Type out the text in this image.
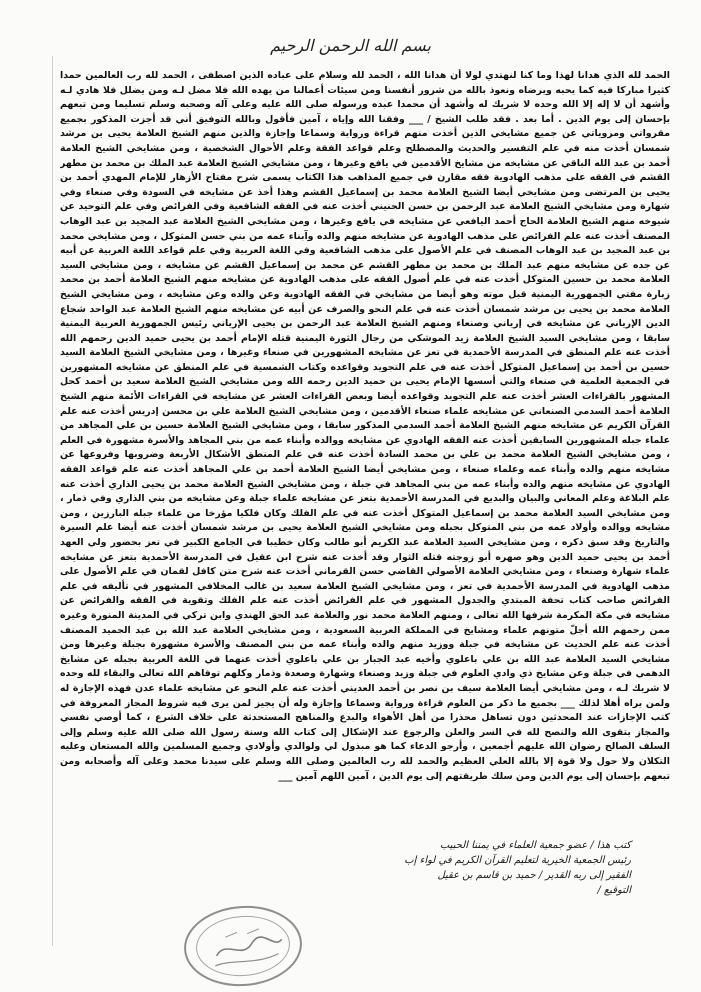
بسم الله الرحمن الرحيم

الحمد لله الذي هدانا لهذا وما كنا لنهتدي لولا أن هدانا الله ، الحمد لله وسلام على عباده الذين اصطفى ، الحمد لله رب العالمين حمدا كثيرا مباركا فيه كما يحبه ويرضاه ونعوذ بالله من شرور أنفسنا ومن سيئات أعمالنا من يهده الله فلا مضل لـه ومن يضلل فلا هادي لـه وأشهد أن لا إله إلا الله وحده لا شريك له وأشهد أن محمدا عبده ورسوله صلى الله عليه وعلى آله وصحبه وسلم تسليما ومن تبعهم بإحسان إلى يوم الدين . أما بعد . فقد طلب الشيخ / ___ وفقنا الله وإياه ، آمين فأقول وبالله التوفيق أني قد أجزت المذكور بجميع مقرواتي ومروياتي عن جميع مشايخي الذين أخذت منهم قراءة ورواية وسماعا وإجازة والذين منهم الشيخ العلامة يحيى بن مرشد شمسان أخذت منه في علم التفسير والحديث والمصطلح وعلم قواعد الفقة وعلم الأحوال الشخصية ، ومن مشايخي الشيخ العلامة أحمد بن عبد الله الباقي عن مشايخه من مشايخ الأقدمين في يافع وغيرها ، ومن مشايخي الشيخ العلامة عبد الملك بن محمد بن مطهر القشم في الفقه على مذهب الهادوية فقه مقارن في جميع المذاهب هذا الكتاب يسمى شرح مفتاح الأزهار للإمام المهدي أحمد بن يحيى بن المرتضى ومن مشايخي أيضا الشيخ العلامة محمد بن إسماعيل القشم وهذا أخذ عن مشايخه في السودة وفي صنعاء وفي شهارة ومن مشايخي الشيخ العلامة عبد الرحمن بن حسن الحنيني أخذت عنه في الفقه الشافعية وفي الفرائض وفي علم التوحيد عن شيوخه منهم الشيخ العلامة الحاج أحمد اليافعي عن مشايخه في يافع وغيرها ، ومن مشايخي الشيخ العلامة عبد المجيد بن عبد الوهاب المصنف أخذت عنه علم الفرائض على مذهب الهادوية عن مشايخه منهم والده وآبناء عمه من بني حسن المتوكل ، ومن مشايخي محمد بن عبد المجيد بن عبد الوهاب المصنف في علم الأصول على مذهب الشافعية وفي اللغة العربية وفي علم قواعد اللغة العربية عن أبيه عن جده عن مشايخه منهم عبد الملك بن محمد بن مطهر القشم عن محمد بن إسماعيل القشم عن مشايخه ، ومن مشايخي السيد العلامة محمد بن حسين المتوكل أخذت عنه في علم أصول الفقه على مذهب الهادوية عن مشايخه منهم الشيخ العلامة أحمد بن محمد زبارة مفتي الجمهورية اليمنية قبل موته وهو أيضا من مشايخي في الفقه الهادوية وعن والده وعن مشايخه ، ومن مشايخي الشيخ العلامة محمد بن يحيى بن مرشد شمسان أخذت عنه في علم النحو والصرف عن أبيه عن مشايخه منهم الشيخ العلامة عبد الواحد شجاع الدين الإرياني عن مشايخه في إرياني وصنعاء ومنهم الشيخ العلامة عبد الرحمن بن يحيى الإرياني رئيس الجمهورية العربية اليمنية سابقا ، ومن مشايخي السيد الشيخ العلامة زيد الموشكي من رجال الثورة اليمنية قتله الإمام أحمد بن يحيى حميد الدين رحمهم الله أخذت عنه علم المنطق في المدرسة الأحمدية في تعز عن مشايخه المشهورين في صنعاء وغيرها ، ومن مشايخي الشيخ العلامة السيد حسين بن أحمد بن إسماعيل المتوكل أخذت عنه في علم التجويد وقواعده وكتاب الشمسية في علم المنطق عن مشايخه المشهورين في الجمعية العلمية في صنعاء والتي أسسها الإمام يحيى بن حميد الدين رحمه الله ومن مشايخي الشيخ العلامة سعيد بن أحمد كحل المشهور بالقراءات العشر أخذت عنه علم التجويد وقواعده أيضا وبعض القراءات العشر عن مشايخه في القراءات الأئمة منهم الشيخ العلامة أحمد السدمي الصنعاني عن مشايخه علماء صنعاء الأقدمين ، ومن مشايخي الشيخ العلامة علي بن محسن إدريس أخذت عنه علم القرآن الكريم عن مشايخه منهم الشيخ العلامة أحمد السدمي المذكور سابقا ، ومن مشايخي الشيخ العلامة حسين بن علي المجاهد من علماء جبله المشهورين السابقين أخذت عنه الفقه الهادوي عن مشايخه ووالده وأبناء عمه من بني المجاهد والأسرة مشهورة في العلم ، ومن مشايخي الشيخ العلامة محمد بن علي بن محمد السادة أخذت عنه في علم المنطق الأشكال الأربعة وضروبها وفروعها عن مشايخه منهم والده وأبناء عمه وعلماء صنعاء ، ومن مشايخي أيضا الشيخ العلامة أحمد بن علي المجاهد أخذت عنه علم قواعد الفقه الهادوي عن مشايخه منهم والده وأبناء عمه من بني المجاهد في جبلة ، ومن مشايخي الشيخ العلامة محمد بن يحيى الذاري أخذت عنه علم البلاغة وعلم المعاني والبيان والبديع في المدرسة الأحمدية بتعز عن مشايخه علماء جبلة وعن مشايخه من بني الذاري وفي ذمار ، ومن مشايخي السيد العلامة محمد بن إسماعيل المتوكل أخذت عنه في علم الفلك وكان فلكيا مؤرخا من علماء جبله البارزين ، ومن مشايخه ووالده وأولاد عمه من بني المتوكل بجبله ومن مشايخي الشيخ العلامة يحيى بن مرشد شمسان أخذت عنه أيضا علم السيرة والتاريخ وقد سبق ذكره ، ومن مشايخي السيد العلامة عبد الكريم أبو طالب وكان خطيبا في الجامع الكبير في تعز بحضور ولي العهد أحمد بن يحيى حميد الدين وهو صهره أبو زوجته قتله الثوار وقد أخذت عنه شرح ابن عقيل في المدرسة الأحمدية بتعز عن مشايخه علماء شهارة وصنعاء ، ومن مشايخي العلامة الأصولي القاضي حسن القرماني أخذت عنه شرح متن كافل لقمان في علم الأصول على مذهب الهادوية في المدرسة الأحمدية في تعز ، ومن مشايخي الشيخ العلامة سعيد بن غالب المخلافي المشهور في تأليفه في علم الفرائض صاحب كتاب تحفة المبتدي والجدول المشهور في علم الفرائض أخذت عنه علم الفلك وتقوية في الفقه والفرائض عن مشايخه في مكة المكرمة شرفها الله تعالى ، ومنهم العلامة محمد نور والعلامة عبد الحق الهندي وابن تركي في المدينة المنورة وغيره ممن رحمهم الله أجلّ متونهم علماء ومشايخ في المملكة العربية السعودية ، ومن مشايخي العلامة عبد الله بن عبد الحميد المصنف أخذت عنه علم الحديث عن مشايخه في جبلة ووزيد منهم والده وأبناء عمه من بني المصنف والأسرة مشهورة بجبلة وغيرها ومن مشايخي السيد العلامة عبد الله بن علي باعلوي وأخيه عبد الجبار بن علي باعلوي أخذت عنهما في اللغة العربية بجبله عن مشايخ الدهمي في جبلة وعن مشايخ ذي وادي العلوم في جبلة وزيد وصنعاء وشهارة وصعدة وذمار وكلهم توفاهم الله تعالى والبقاء لله وحده لا شريك لـه ، ومن مشايخي أيضا العلامة سيف بن نصر بن أحمد العديني أخذت عنه علم النحو عن مشايخه علماء عدن فهذه الإجازة له ولمن يراه أهلا لذلك ___ بجميع ما ذكر من العلوم قراءة ورواية وسماعا وإجازة وله أن يجيز لمن يرى فيه شروط المجاز المعروفة في كتب الإجازات عند المحدثين دون تساهل محذرا من أهل الأهواء والبدع والمناهج المستحدثة على خلاف الشرع ، كما أوصي نفسي والمجاز بتقوى الله والنصح لله في السر والعلن والرجوع عند الإشكال إلى كتاب الله وسنة رسول الله صلى الله عليه وسلم وإلى السلف الصالح رضوان الله عليهم أجمعين ، وأرجو الدعاء كما هو مبذول لي ولوالدي وأولادي وجميع المسلمين والله المستعان وعليه التكلان ولا حول ولا قوة إلا بالله العلي العظيم والحمد لله رب العالمين وصلى الله وسلم على سيدنا محمد وعلى آله وأصحابه ومن تبعهم بإحسان إلى يوم الدين ومن سلك طريقتهم إلى يوم الدين ، آمين اللهم آمين ___

كتب هذا / عضو جمعية العلماء في يمننا الحبيب
رئيس الجمعية الخيرية لتعليم القرآن الكريم في لواء إب
الفقير إلى ربه القدير / حميد بن قاسم بن عقيل
التوقيع /
